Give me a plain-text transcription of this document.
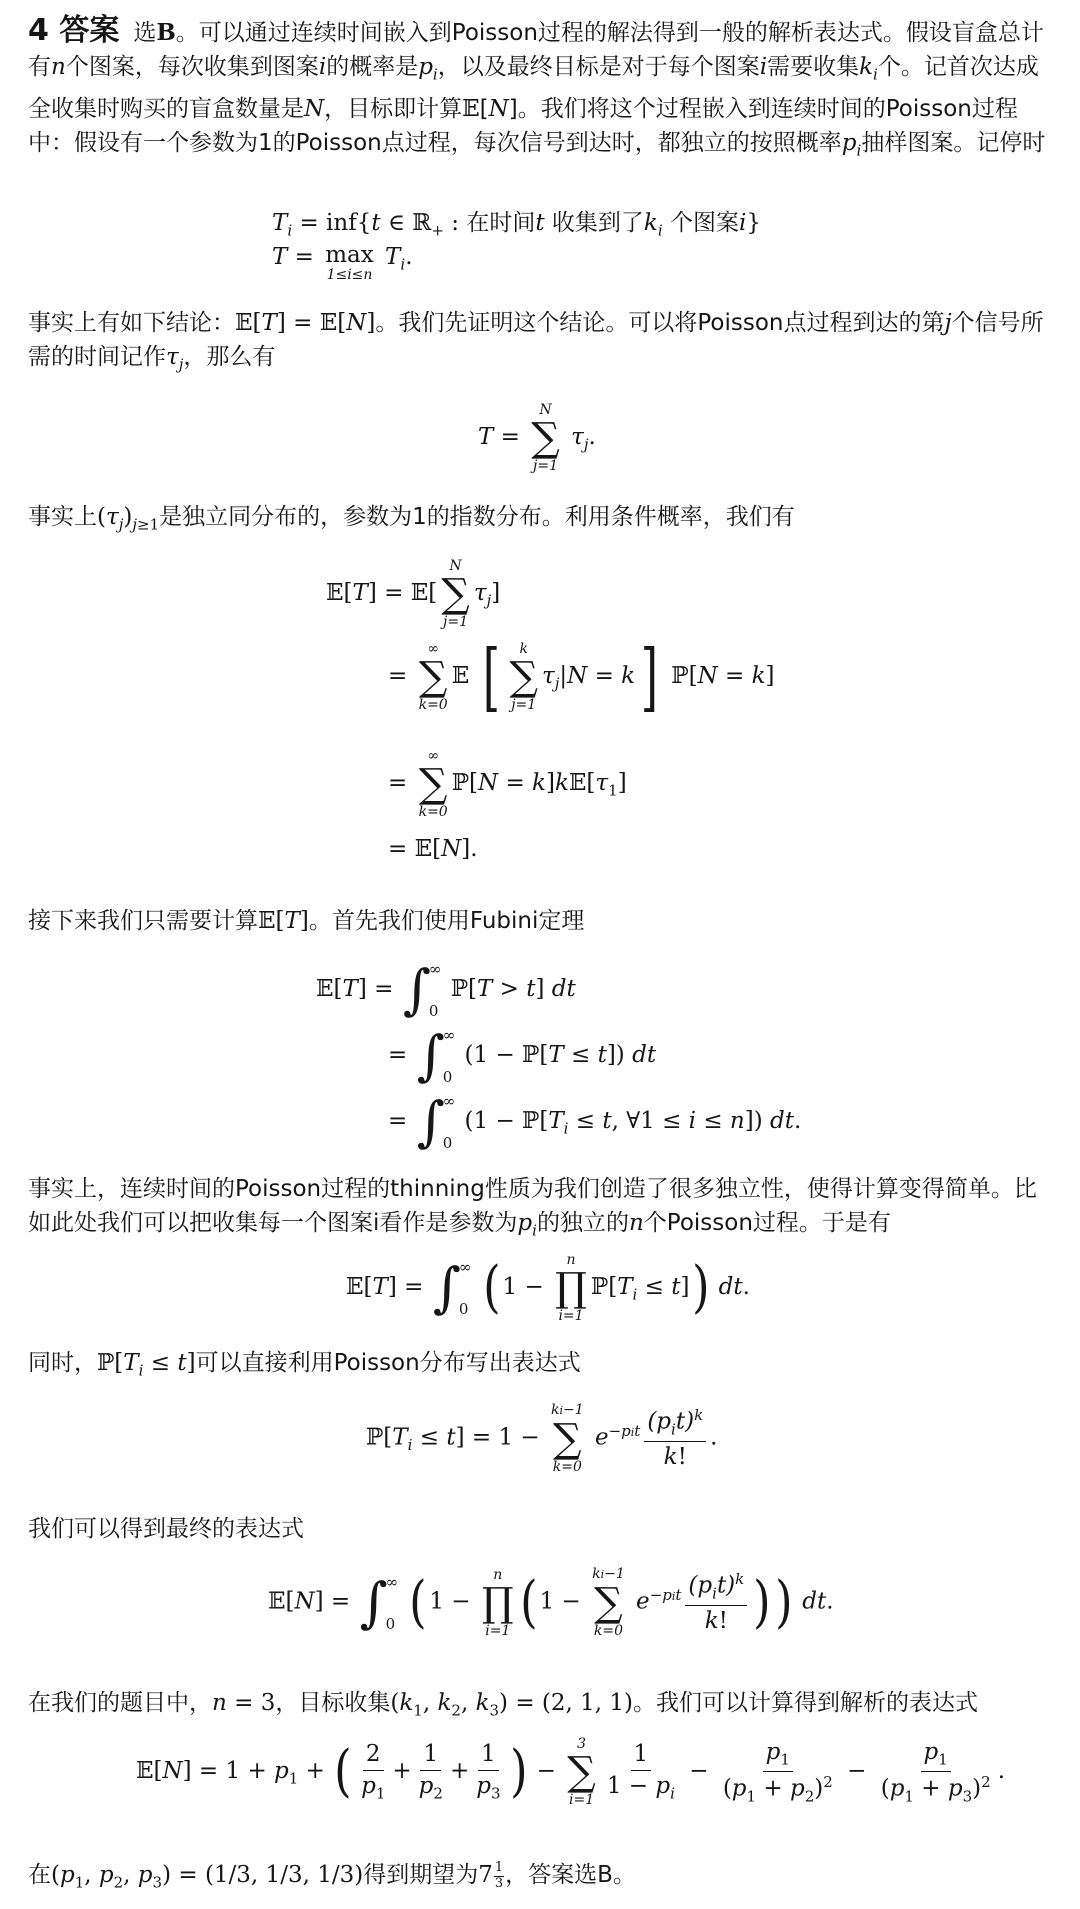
4 答案 选B。可以通过连续时间嵌入到Poisson过程的解法得到一般的解析表达式。假设盲盒总计有n个图案，每次收集到图案i的概率是$p_i$，以及最终目标是对于每个图案i需要收集$k_i$个。记首次达成全收集时购买的盲盒数量是N，目标即计算𝔼[N]。我们将这个过程嵌入到连续时间的Poisson过程中：假设有一个参数为1的Poisson点过程，每次信号到达时，都独立的按照概率$p_i$抽样图案。记停时

$T_i = inf\{t$ ∈ ℝ$_+$ : 在时间t 收集到了$k_i$ 个图案i}
T = max
1≤i≤n
$T_i$.

事实上有如下结论：𝔼[T] = 𝔼[N]。我们先证明这个结论。可以将Poisson点过程到达的第j个信号所需的时间记作$\tau_j$，那么有

T =
N
∑
j=1
$\tau_j$.

事实上$(\tau_j)_{j\ge 1}$是独立同分布的，参数为1的指数分布。利用条件概率，我们有

𝔼[T] = 𝔼[
N
∑
j=1
$\tau_j$]
=
∞
∑
k=0
𝔼 [ k
∑
j=1
$\tau_j|N = k$] ℙ[N = k]
=
∞
∑
k=0
ℙ[N = $k]k𝔼[\tau_1]$
= 𝔼[N].

接下来我们只需要计算𝔼[T]。首先我们使用Fubini定理

𝔼[T] = ∫
∞
0
ℙ[T > t] dt
= ∫
∞
0
(1 − ℙ[T ≤ t]) dt
= ∫
∞
0
($1 - ℙ[T_i \le t$, ∀1 ≤ i ≤ n]) dt.

事实上，连续时间的Poisson过程的thinning性质为我们创造了很多独立性，使得计算变得简单。比如此处我们可以把收集每一个图案i看作是参数为$p_i$的独立的n个Poisson过程。于是有

𝔼[T] = ∫
∞
0 (1 −
n
∏
i=1
$ℙ[T_i \le t]$) dt.

同时，$ℙ[T_i \le t]$可以直接利用Poisson分布写出表达式

$ℙ[T_i \le t] = 1$ −
ki−1
∑
k=0
$e^{-pit} \frac{(p_it)^k}{k!}$ .

我们可以得到最终的表达式

𝔼[N] = ∫
∞
0 (1 −
n
∏
i=1 (1 −
ki−1
∑
k=0
$e^{-pit} \frac{(p_it)^k}{k!}$ )) dt.

在我们的题目中，n = 3，目标收集($k_1$, $k_2$, $k_3) = (2$, 1, 1)。我们可以计算得到解析的表达式

𝔼[N] = $1 + p_1$ + ( $\frac{2}{p_1} + \frac{1}{p_2} + \frac{1}{p_3}$ ) −
3
∑
$i=1 \frac{1}{1 - p_i} - \frac{p_1}{(p_1 + p_2)^2} - \frac{p_1}{(p_1 + p_3)^2}$ .

在($p_1$, $p_2$, $p_3) = (1/3$, 1/3, 1/3)得到期望为$7 \frac{1}{3}$ ，答案选B。
